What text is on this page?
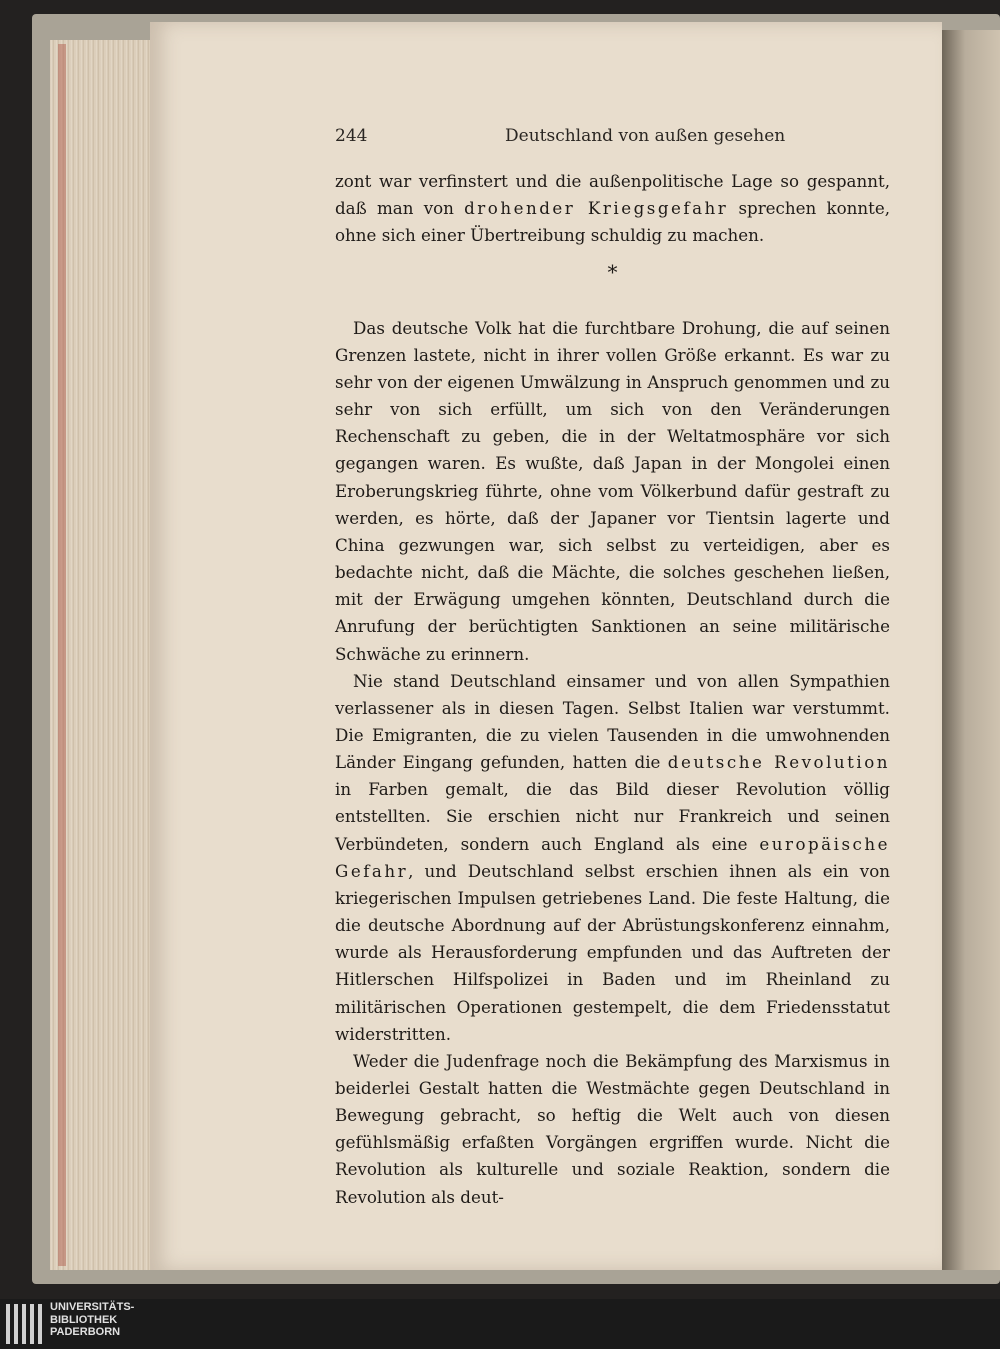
244	Deutschland von außen gesehen

zont war verfinstert und die außenpolitische Lage so gespannt, daß man von drohender Kriegsgefahr sprechen konnte, ohne sich einer Übertreibung schuldig zu machen.

*

Das deutsche Volk hat die furchtbare Drohung, die auf seinen Grenzen lastete, nicht in ihrer vollen Größe erkannt. Es war zu sehr von der eigenen Umwälzung in Anspruch genommen und zu sehr von sich erfüllt, um sich von den Veränderungen Rechenschaft zu geben, die in der Weltatmosphäre vor sich gegangen waren. Es wußte, daß Japan in der Mongolei einen Eroberungskrieg führte, ohne vom Völkerbund dafür gestraft zu werden, es hörte, daß der Japaner vor Tientsin lagerte und China gezwungen war, sich selbst zu verteidigen, aber es bedachte nicht, daß die Mächte, die solches geschehen ließen, mit der Erwägung umgehen könnten, Deutschland durch die Anrufung der berüchtigten Sanktionen an seine militärische Schwäche zu erinnern.

Nie stand Deutschland einsamer und von allen Sympathien verlassener als in diesen Tagen. Selbst Italien war verstummt. Die Emigranten, die zu vielen Tausenden in die umwohnenden Länder Eingang gefunden, hatten die deutsche Revolution in Farben gemalt, die das Bild dieser Revolution völlig entstellten. Sie erschien nicht nur Frankreich und seinen Verbündeten, sondern auch England als eine europäische Gefahr, und Deutschland selbst erschien ihnen als ein von kriegerischen Impulsen getriebenes Land. Die feste Haltung, die die deutsche Abordnung auf der Abrüstungskonferenz einnahm, wurde als Herausforderung empfunden und das Auftreten der Hitlerschen Hilfspolizei in Baden und im Rheinland zu militärischen Operationen gestempelt, die dem Friedensstatut widerstritten.

Weder die Judenfrage noch die Bekämpfung des Marxismus in beiderlei Gestalt hatten die Westmächte gegen Deutschland in Bewegung gebracht, so heftig die Welt auch von diesen gefühlsmäßig erfaßten Vorgängen ergriffen wurde. Nicht die Revolution als kulturelle und soziale Reaktion, sondern die Revolution als deut-

UNIVERSITÄTS-
BIBLIOTHEK
PADERBORN
